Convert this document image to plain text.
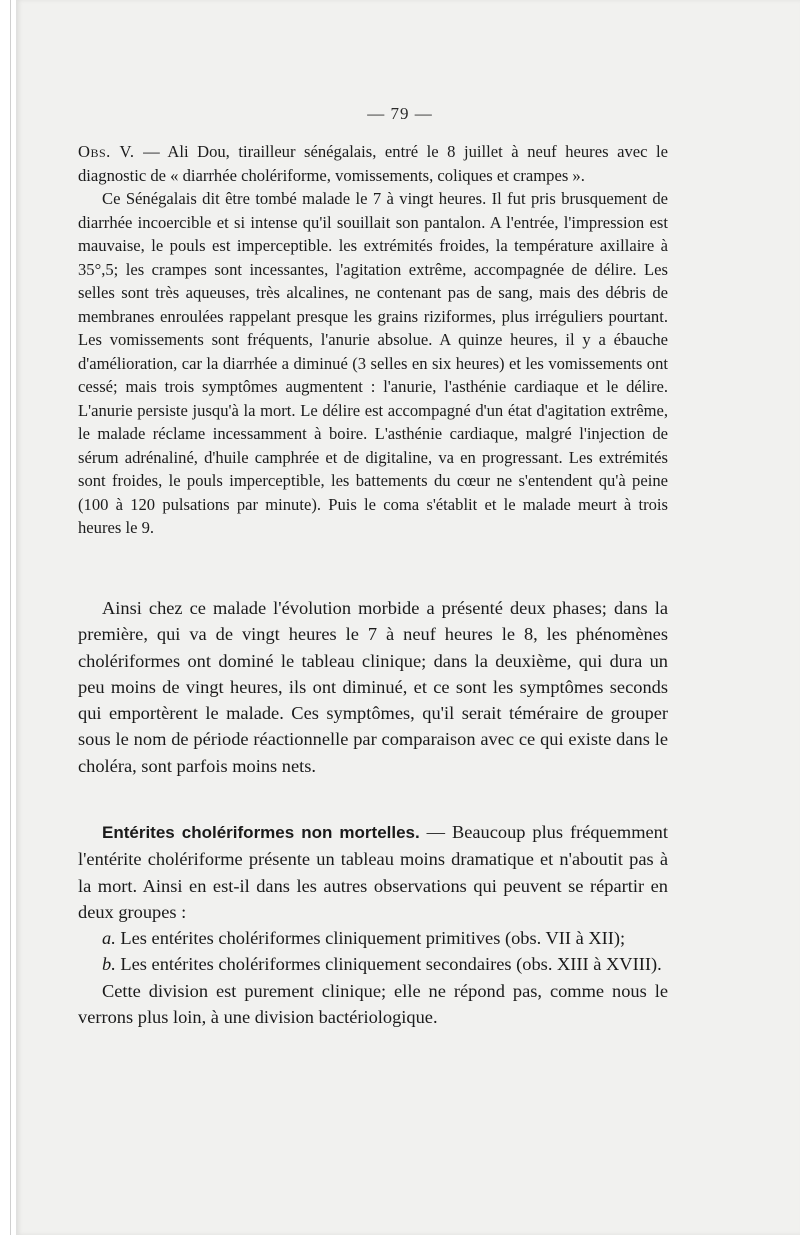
— 79 —

Obs. V. — Ali Dou, tirailleur sénégalais, entré le 8 juillet à neuf heures avec le diagnostic de « diarrhée cholériforme, vomissements, coliques et crampes ».

Ce Sénégalais dit être tombé malade le 7 à vingt heures. Il fut pris brusquement de diarrhée incoercible et si intense qu'il souillait son pantalon. A l'entrée, l'impression est mauvaise, le pouls est imperceptible. les extrémités froides, la température axillaire à 35°,5; les crampes sont incessantes, l'agitation extrême, accompagnée de délire. Les selles sont très aqueuses, très alcalines, ne contenant pas de sang, mais des débris de membranes enroulées rappelant presque les grains riziformes, plus irréguliers pourtant. Les vomissements sont fréquents, l'anurie absolue. A quinze heures, il y a ébauche d'amélioration, car la diarrhée a diminué (3 selles en six heures) et les vomissements ont cessé; mais trois symptômes augmentent : l'anurie, l'asthénie cardiaque et le délire. L'anurie persiste jusqu'à la mort. Le délire est accompagné d'un état d'agitation extrême, le malade réclame incessamment à boire. L'asthénie cardiaque, malgré l'injection de sérum adrénaliné, d'huile camphrée et de digitaline, va en progressant. Les extrémités sont froides, le pouls imperceptible, les battements du cœur ne s'entendent qu'à peine (100 à 120 pulsations par minute). Puis le coma s'établit et le malade meurt à trois heures le 9.

Ainsi chez ce malade l'évolution morbide a présenté deux phases; dans la première, qui va de vingt heures le 7 à neuf heures le 8, les phénomènes cholériformes ont dominé le tableau clinique; dans la deuxième, qui dura un peu moins de vingt heures, ils ont diminué, et ce sont les symptômes seconds qui emportèrent le malade. Ces symptômes, qu'il serait téméraire de grouper sous le nom de période réactionnelle par comparaison avec ce qui existe dans le choléra, sont parfois moins nets.

Entérites cholériformes non mortelles. — Beaucoup plus fréquemment l'entérite cholériforme présente un tableau moins dramatique et n'aboutit pas à la mort. Ainsi en est-il dans les autres observations qui peuvent se répartir en deux groupes :

a. Les entérites cholériformes cliniquement primitives (obs. VII à XII);

b. Les entérites cholériformes cliniquement secondaires (obs. XIII à XVIII).

Cette division est purement clinique; elle ne répond pas, comme nous le verrons plus loin, à une division bactériologique.
